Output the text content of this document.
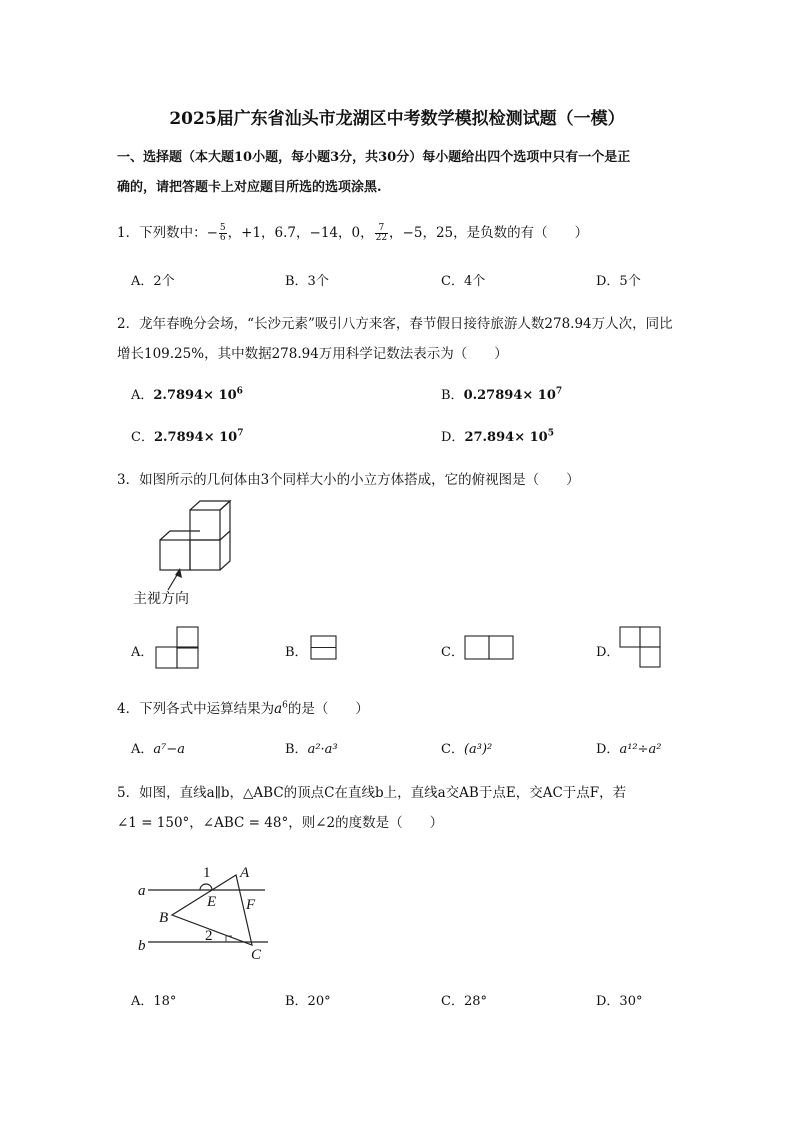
2025届广东省汕头市龙湖区中考数学模拟检测试题（一模）
一、选择题（本大题10小题，每小题3分，共30分）每小题给出四个选项中只有一个是正
确的，请把答题卡上对应题目所选的选项涂黑.
1．下列数中：− $\frac{5}{6}$ ，+1，6.7，−14，0， $\frac{7}{22}$ ，−5，25，是负数的有（　　）
A．2个	B．3个	C．4个	D．5个
2．龙年春晚分会场，“长沙元素”吸引八方来客，春节假日接待旅游人数278.94万人次，同比
增长109.25%，其中数据278.94万用科学记数法表示为（　　）
A．$2.7894\times 10^6$	B．$0.27894\times 10^7$
C．$2.7894\times 10^7$	D．$27.894\times 10^5$
3．如图所示的几何体由3个同样大小的小立方体搭成，它的俯视图是（　　）
主视方向
A．	B．	C．	D．
4．下列各式中运算结果为$a^6$的是（　　）
A．a⁷−a	B．a²·a³	C．(a³)²	D．a¹²÷a²
5．如图，直线a∥b，△ABC的顶点C在直线b上，直线a交AB于点E，交AC于点F，若
∠1 = 150°，∠ABC = 48°，则∠2的度数是（　　）
1 A
a
E F
B
2
b
C
A．18°	B．20°	C．28°	D．30°
